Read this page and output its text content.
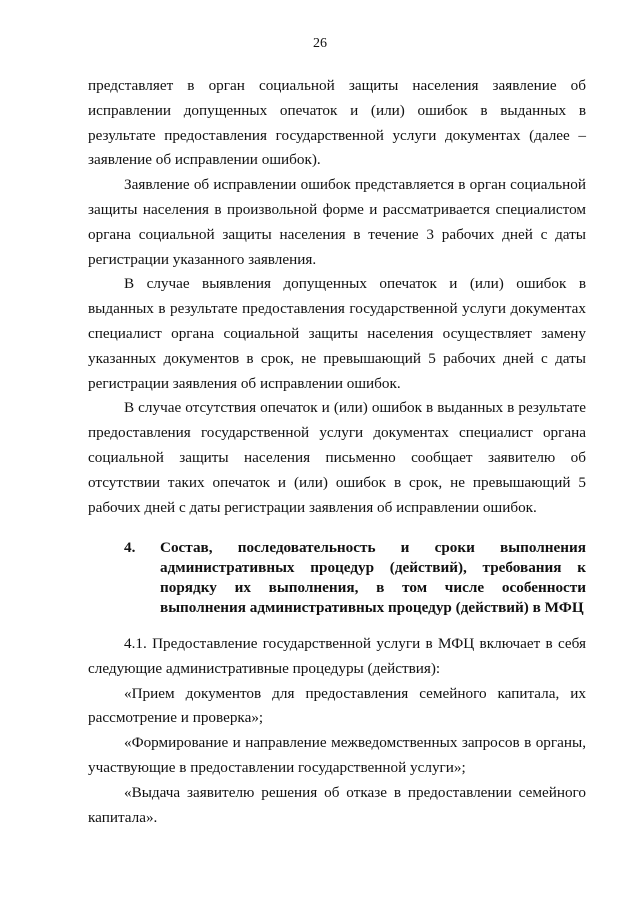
26

представляет в орган социальной защиты населения заявление об исправлении допущенных опечаток и (или) ошибок в выданных в результате предоставления государственной услуги документах (далее – заявление об исправлении ошибок).

Заявление об исправлении ошибок представляется в орган социальной защиты населения в произвольной форме и рассматривается специалистом органа социальной защиты населения в течение 3 рабочих дней с даты регистрации указанного заявления.

В случае выявления допущенных опечаток и (или) ошибок в выданных в результате предоставления государственной услуги документах специалист органа социальной защиты населения осуществляет замену указанных документов в срок, не превышающий 5 рабочих дней с даты регистрации заявления об исправлении ошибок.

В случае отсутствия опечаток и (или) ошибок в выданных в результате предоставления государственной услуги документах специалист органа социальной защиты населения письменно сообщает заявителю об отсутствии таких опечаток и (или) ошибок в срок, не превышающий 5 рабочих дней с даты регистрации заявления об исправлении ошибок.

4. Состав, последовательность и сроки выполнения административных процедур (действий), требования к порядку их выполнения, в том числе особенности выполнения административных процедур (действий) в МФЦ

4.1. Предоставление государственной услуги в МФЦ включает в себя следующие административные процедуры (действия):

«Прием документов для предоставления семейного капитала, их рассмотрение и проверка»;

«Формирование и направление межведомственных запросов в органы, участвующие в предоставлении государственной услуги»;

«Выдача заявителю решения об отказе в предоставлении семейного капитала».
